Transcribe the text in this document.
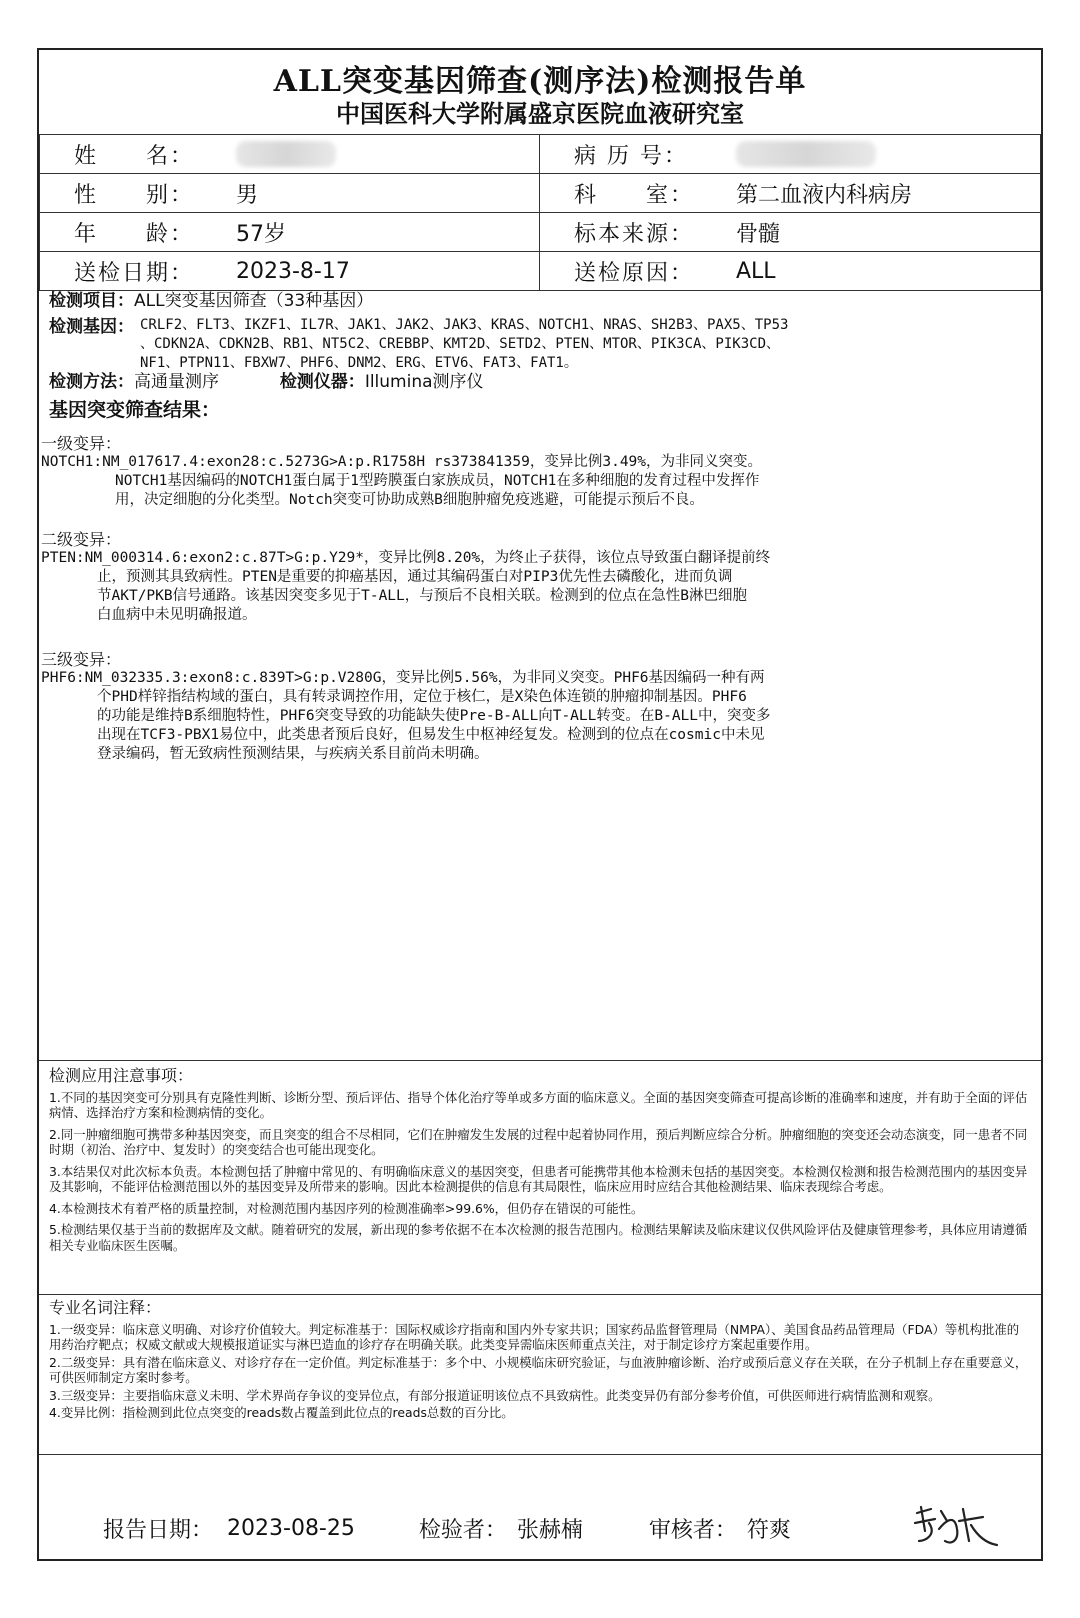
ALL突变基因筛查(测序法)检测报告单
中国医科大学附属盛京医院血液研究室
姓　　名：	病 历 号：

性　　别： 男	科　　室： 第二血液内科病房

年　　龄： 57岁	标本来源： 骨髓

送检日期： 2023-8-17	送检原因： ALL
检测项目：ALL突变基因筛查（33种基因）
检测基因： CRLF2、FLT3、IKZF1、IL7R、JAK1、JAK2、JAK3、KRAS、NOTCH1、NRAS、SH2B3、PAX5、TP53
、CDKN2A、CDKN2B、RB1、NT5C2、CREBBP、KMT2D、SETD2、PTEN、MTOR、PIK3CA、PIK3CD、
NF1、PTPN11、FBXW7、PHF6、DNM2、ERG、ETV6、FAT3、FAT1。
检测方法：高通量测序	检测仪器：Illumina测序仪
基因突变筛查结果：
一级变异：
NOTCH1:NM_017617.4:exon28:c.5273G>A:p.R1758H rs373841359，变异比例3.49%，为非同义突变。
NOTCH1基因编码的NOTCH1蛋白属于1型跨膜蛋白家族成员，NOTCH1在多种细胞的发育过程中发挥作
用，决定细胞的分化类型。Notch突变可协助成熟B细胞肿瘤免疫逃避，可能提示预后不良。
二级变异：
PTEN:NM_000314.6:exon2:c.87T>G:p.Y29*，变异比例8.20%，为终止子获得，该位点导致蛋白翻译提前终
止，预测其具致病性。PTEN是重要的抑癌基因，通过其编码蛋白对PIP3优先性去磷酸化，进而负调
节AKT/PKB信号通路。该基因突变多见于T-ALL，与预后不良相关联。检测到的位点在急性B淋巴细胞
白血病中未见明确报道。
三级变异：
PHF6:NM_032335.3:exon8:c.839T>G:p.V280G，变异比例5.56%，为非同义突变。PHF6基因编码一种有两
个PHD样锌指结构域的蛋白，具有转录调控作用，定位于核仁，是X染色体连锁的肿瘤抑制基因。PHF6
的功能是维持B系细胞特性，PHF6突变导致的功能缺失使Pre-B-ALL向T-ALL转变。在B-ALL中，突变多
出现在TCF3-PBX1易位中，此类患者预后良好，但易发生中枢神经复发。检测到的位点在cosmic中未见
登录编码，暂无致病性预测结果，与疾病关系目前尚未明确。
检测应用注意事项：

1.不同的基因突变可分别具有克隆性判断、诊断分型、预后评估、指导个体化治疗等单或多方面的临床意义。全面的基因突变筛查可提高诊断的准确率和速度，并有助于全面的评估病情、选择治疗方案和检测病情的变化。

2.同一肿瘤细胞可携带多种基因突变，而且突变的组合不尽相同，它们在肿瘤发生发展的过程中起着协同作用，预后判断应综合分析。肿瘤细胞的突变还会动态演变，同一患者不同时期（初治、治疗中、复发时）的突变结合也可能出现变化。

3.本结果仅对此次标本负责。本检测包括了肿瘤中常见的、有明确临床意义的基因突变，但患者可能携带其他本检测未包括的基因突变。本检测仅检测和报告检测范围内的基因变异及其影响，不能评估检测范围以外的基因变异及所带来的影响。因此本检测提供的信息有其局限性，临床应用时应结合其他检测结果、临床表现综合考虑。

4.本检测技术有着严格的质量控制，对检测范围内基因序列的检测准确率>99.6%，但仍存在错误的可能性。

5.检测结果仅基于当前的数据库及文献。随着研究的发展，新出现的参考依据不在本次检测的报告范围内。检测结果解读及临床建议仅供风险评估及健康管理参考，具体应用请遵循相关专业临床医生医嘱。

专业名词注释：

1.一级变异：临床意义明确、对诊疗价值较大。判定标准基于：国际权威诊疗指南和国内外专家共识；国家药品监督管理局（NMPA）、美国食品药品管理局（FDA）等机构批准的用药治疗靶点；权威文献或大规模报道证实与淋巴造血的诊疗存在明确关联。此类变异需临床医师重点关注，对于制定诊疗方案起重要作用。

2.二级变异：具有潜在临床意义、对诊疗存在一定价值。判定标准基于：多个中、小规模临床研究验证，与血液肿瘤诊断、治疗或预后意义存在关联，在分子机制上存在重要意义，可供医师制定方案时参考。

3.三级变异：主要指临床意义未明、学术界尚存争议的变异位点，有部分报道证明该位点不具致病性。此类变异仍有部分参考价值，可供医师进行病情监测和观察。

4.变异比例：指检测到此位点突变的reads数占覆盖到此位点的reads总数的百分比。

报告日期： 2023-08-25	检验者： 张赫楠	审核者： 符爽
